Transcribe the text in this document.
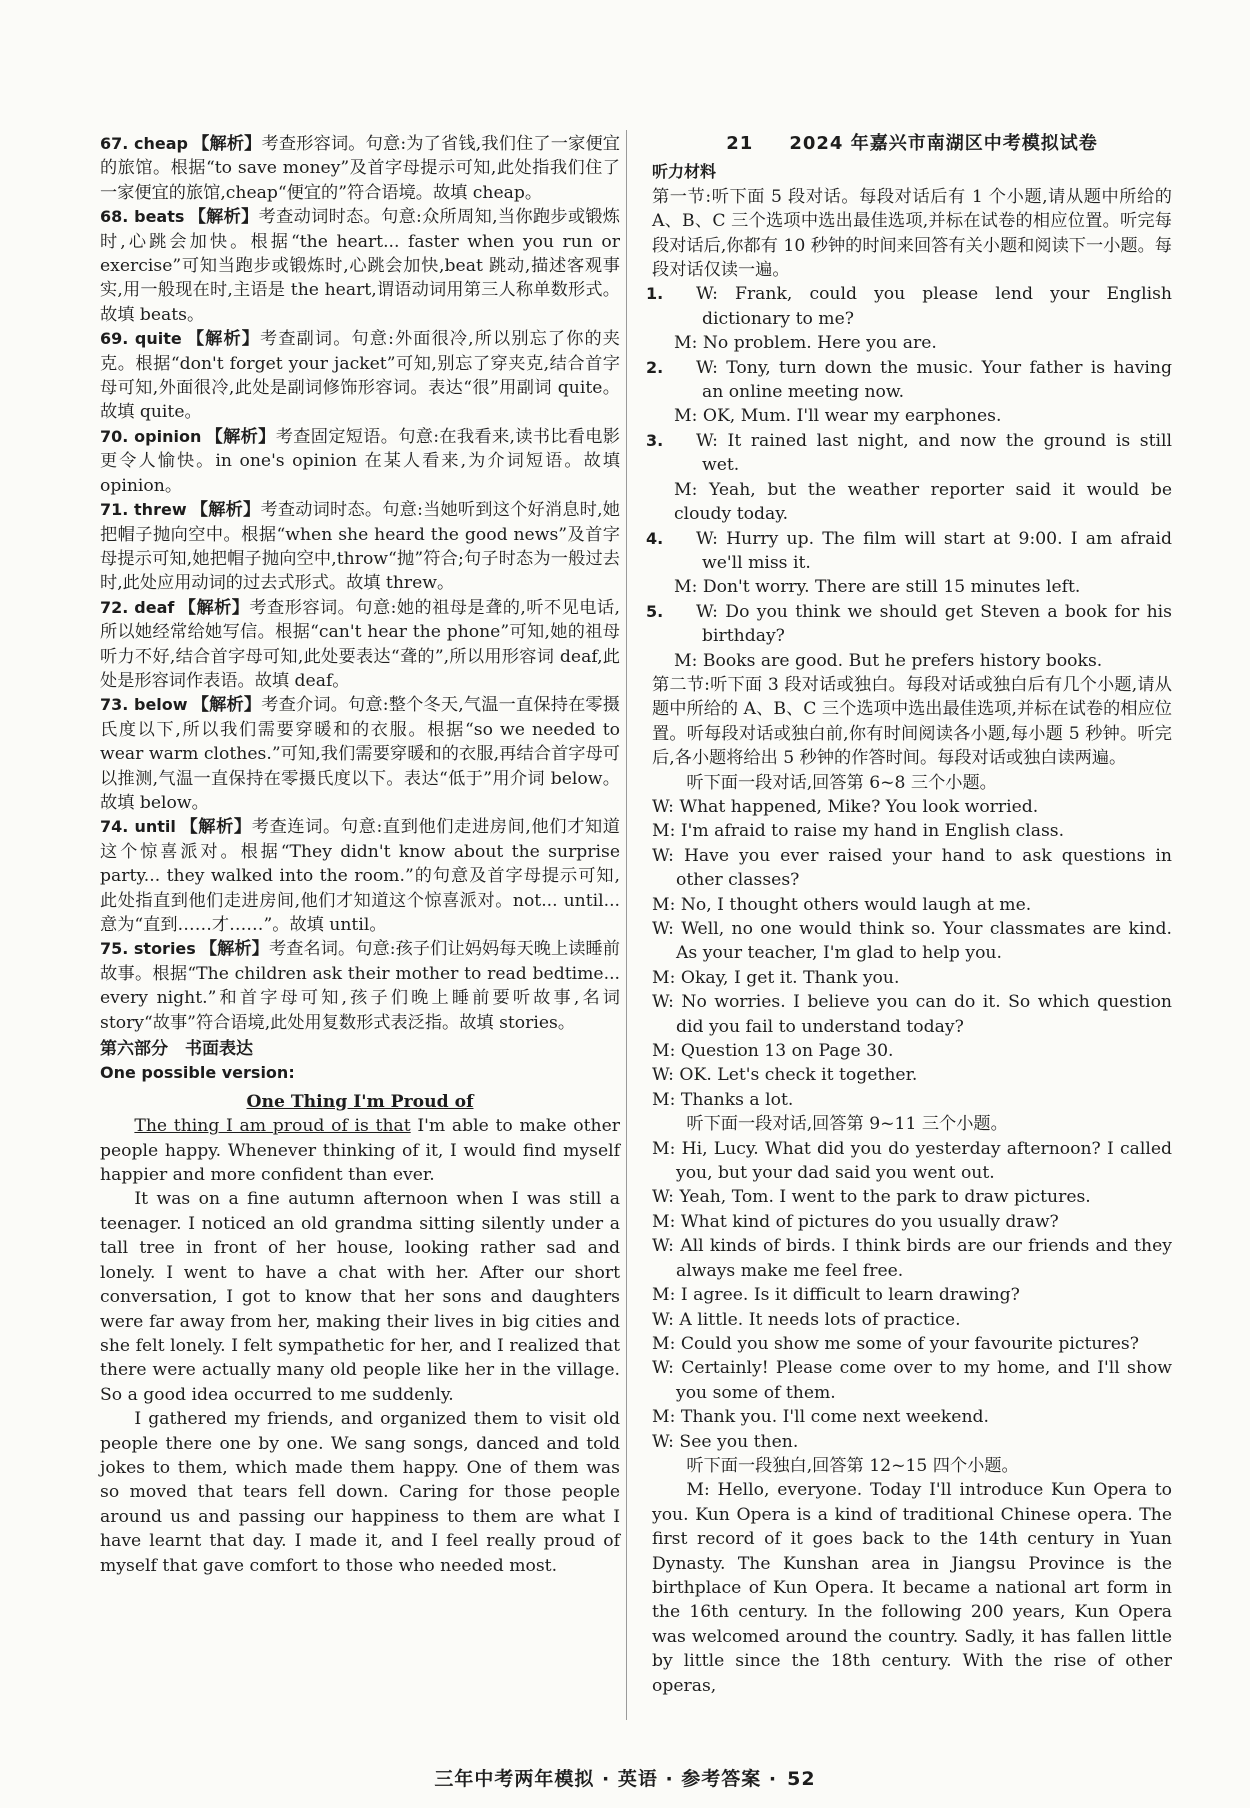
67. cheap 【解析】考查形容词。句意:为了省钱,我们住了一家便宜的旅馆。根据“to save money”及首字母提示可知,此处指我们住了一家便宜的旅馆,cheap“便宜的”符合语境。故填 cheap。

68. beats 【解析】考查动词时态。句意:众所周知,当你跑步或锻炼时,心跳会加快。根据“the heart... faster when you run or exercise”可知当跑步或锻炼时,心跳会加快,beat 跳动,描述客观事实,用一般现在时,主语是 the heart,谓语动词用第三人称单数形式。故填 beats。

69. quite 【解析】考查副词。句意:外面很冷,所以别忘了你的夹克。根据“don't forget your jacket”可知,别忘了穿夹克,结合首字母可知,外面很冷,此处是副词修饰形容词。表达“很”用副词 quite。故填 quite。

70. opinion 【解析】考查固定短语。句意:在我看来,读书比看电影更令人愉快。in one's opinion 在某人看来,为介词短语。故填 opinion。

71. threw 【解析】考查动词时态。句意:当她听到这个好消息时,她把帽子抛向空中。根据“when she heard the good news”及首字母提示可知,她把帽子抛向空中,throw“抛”符合;句子时态为一般过去时,此处应用动词的过去式形式。故填 threw。

72. deaf 【解析】考查形容词。句意:她的祖母是聋的,听不见电话,所以她经常给她写信。根据“can't hear the phone”可知,她的祖母听力不好,结合首字母可知,此处要表达“聋的”,所以用形容词 deaf,此处是形容词作表语。故填 deaf。

73. below 【解析】考查介词。句意:整个冬天,气温一直保持在零摄氏度以下,所以我们需要穿暖和的衣服。根据“so we needed to wear warm clothes.”可知,我们需要穿暖和的衣服,再结合首字母可以推测,气温一直保持在零摄氏度以下。表达“低于”用介词 below。故填 below。

74. until 【解析】考查连词。句意:直到他们走进房间,他们才知道这个惊喜派对。根据“They didn't know about the surprise party... they walked into the room.”的句意及首字母提示可知,此处指直到他们走进房间,他们才知道这个惊喜派对。not... until...意为“直到……才……”。故填 until。

75. stories 【解析】考查名词。句意:孩子们让妈妈每天晚上读睡前故事。根据“The children ask their mother to read bedtime... every night.”和首字母可知,孩子们晚上睡前要听故事,名词 story“故事”符合语境,此处用复数形式表泛指。故填 stories。

第六部分　书面表达

One possible version:

One Thing I'm Proud of

The thing I am proud of is that I'm able to make other people happy. Whenever thinking of it, I would find myself happier and more confident than ever.

It was on a fine autumn afternoon when I was still a teenager. I noticed an old grandma sitting silently under a tall tree in front of her house, looking rather sad and lonely. I went to have a chat with her. After our short conversation, I got to know that her sons and daughters were far away from her, making their lives in big cities and she felt lonely. I felt sympathetic for her, and I realized that there were actually many old people like her in the village. So a good idea occurred to me suddenly.

I gathered my friends, and organized them to visit old people there one by one. We sang songs, danced and told jokes to them, which made them happy. One of them was so moved that tears fell down. Caring for those people around us and passing our happiness to them are what I have learnt that day. I made it, and I feel really proud of myself that gave comfort to those who needed most.

21 2024 年嘉兴市南湖区中考模拟试卷

听力材料

第一节:听下面 5 段对话。每段对话后有 1 个小题,请从题中所给的 A、B、C 三个选项中选出最佳选项,并标在试卷的相应位置。听完每段对话后,你都有 10 秒钟的时间来回答有关小题和阅读下一小题。每段对话仅读一遍。

1. W: Frank, could you please lend your English dictionary to me?

M: No problem. Here you are.

2. W: Tony, turn down the music. Your father is having an online meeting now.

M: OK, Mum. I'll wear my earphones.

3. W: It rained last night, and now the ground is still wet.

M: Yeah, but the weather reporter said it would be cloudy today.

4. W: Hurry up. The film will start at 9:00. I am afraid we'll miss it.

M: Don't worry. There are still 15 minutes left.

5. W: Do you think we should get Steven a book for his birthday?

M: Books are good. But he prefers history books.

第二节:听下面 3 段对话或独白。每段对话或独白后有几个小题,请从题中所给的 A、B、C 三个选项中选出最佳选项,并标在试卷的相应位置。听每段对话或独白前,你有时间阅读各小题,每小题 5 秒钟。听完后,各小题将给出 5 秒钟的作答时间。每段对话或独白读两遍。

听下面一段对话,回答第 6~8 三个小题。

W: What happened, Mike? You look worried.

M: I'm afraid to raise my hand in English class.

W: Have you ever raised your hand to ask questions in other classes?

M: No, I thought others would laugh at me.

W: Well, no one would think so. Your classmates are kind. As your teacher, I'm glad to help you.

M: Okay, I get it. Thank you.

W: No worries. I believe you can do it. So which question did you fail to understand today?

M: Question 13 on Page 30.

W: OK. Let's check it together.

M: Thanks a lot.

听下面一段对话,回答第 9~11 三个小题。

M: Hi, Lucy. What did you do yesterday afternoon? I called you, but your dad said you went out.

W: Yeah, Tom. I went to the park to draw pictures.

M: What kind of pictures do you usually draw?

W: All kinds of birds. I think birds are our friends and they always make me feel free.

M: I agree. Is it difficult to learn drawing?

W: A little. It needs lots of practice.

M: Could you show me some of your favourite pictures?

W: Certainly! Please come over to my home, and I'll show you some of them.

M: Thank you. I'll come next weekend.

W: See you then.

听下面一段独白,回答第 12~15 四个小题。

M: Hello, everyone. Today I'll introduce Kun Opera to you. Kun Opera is a kind of traditional Chinese opera. The first record of it goes back to the 14th century in Yuan Dynasty. The Kunshan area in Jiangsu Province is the birthplace of Kun Opera. It became a national art form in the 16th century. In the following 200 years, Kun Opera was welcomed around the country. Sadly, it has fallen little by little since the 18th century. With the rise of other operas,

三年中考两年模拟 · 英语 · 参考答案 · 52
